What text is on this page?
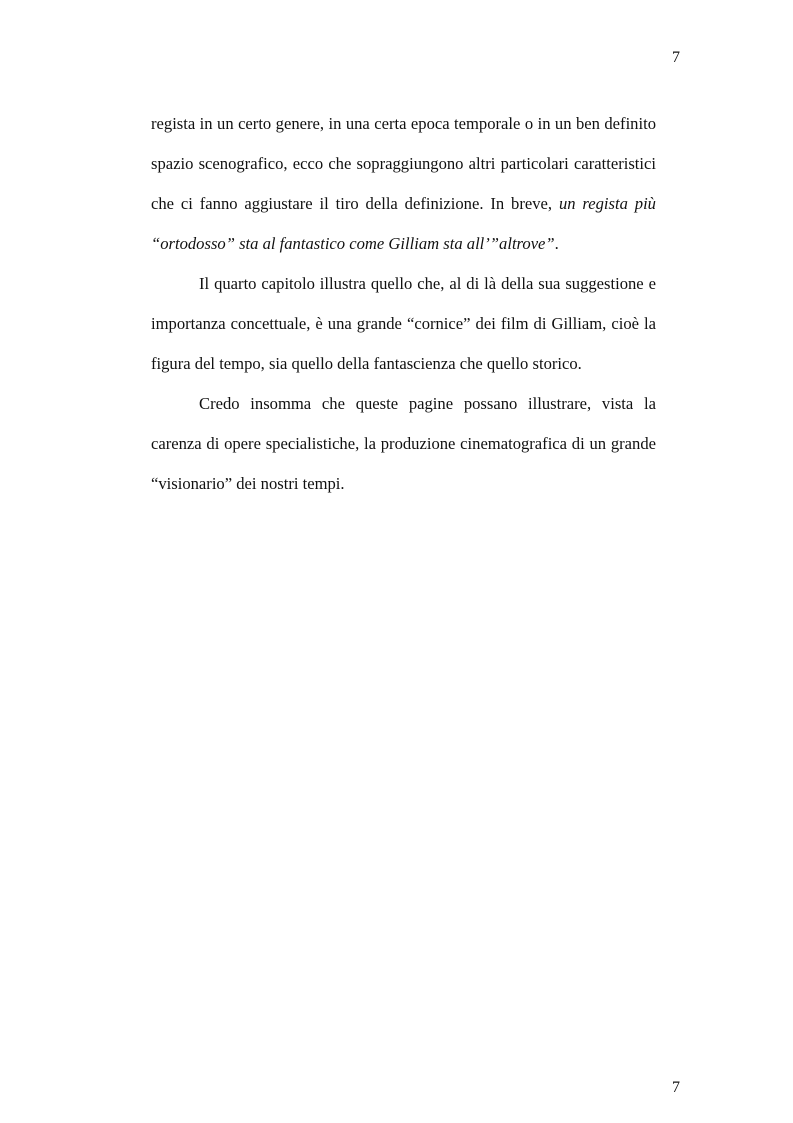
7

regista in un certo genere, in una certa epoca temporale o in un ben definito spazio scenografico, ecco che sopraggiungono altri particolari caratteristici che ci fanno aggiustare il tiro della definizione. In breve, un regista più “ortodosso” sta al fantastico come Gilliam sta all’”altrove”.

Il quarto capitolo illustra quello che, al di là della sua suggestione e importanza concettuale, è una grande “cornice” dei film di Gilliam, cioè la figura del tempo, sia quello della fantascienza che quello storico.

Credo insomma che queste pagine possano illustrare, vista la carenza di opere specialistiche, la produzione cinematografica di un grande “visionario” dei nostri tempi.

7
